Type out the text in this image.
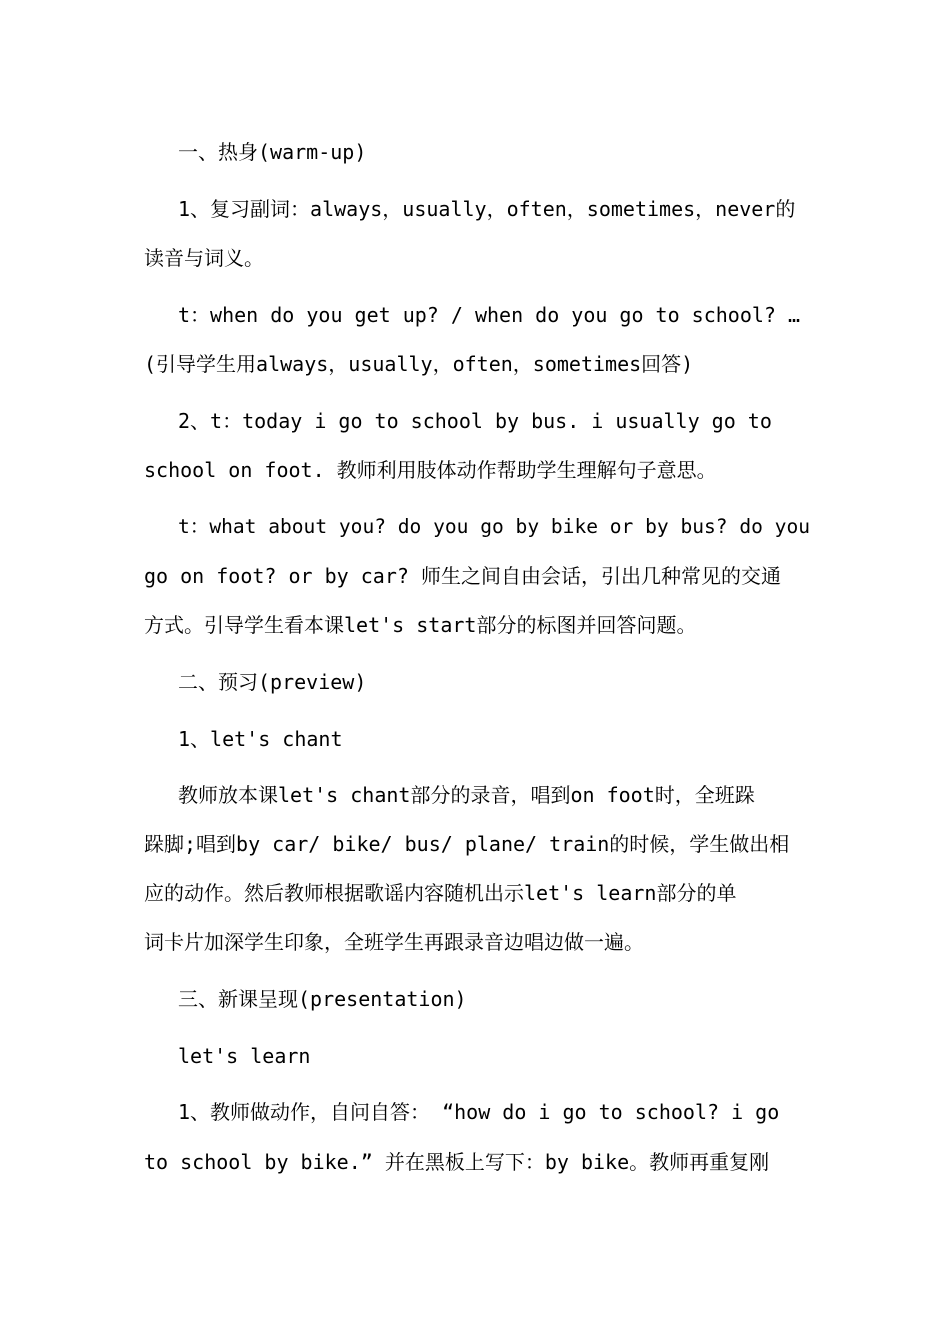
一、热身(warm-up)

1、复习副词：always，usually，often，sometimes，never的

读音与词义。

t：when do you get up? / when do you go to school? …

(引导学生用always，usually，often，sometimes回答)

2、t：today i go to school by bus. i usually go to

school on foot. 教师利用肢体动作帮助学生理解句子意思。

t：what about you? do you go by bike or by bus? do you

go on foot? or by car? 师生之间自由会话，引出几种常见的交通

方式。引导学生看本课let's start部分的标图并回答问题。

二、预习(preview)

1、let's chant

教师放本课let's chant部分的录音，唱到on foot时，全班跺

跺脚;唱到by car/ bike/ bus/ plane/ train的时候，学生做出相

应的动作。然后教师根据歌谣内容随机出示let's learn部分的单

词卡片加深学生印象，全班学生再跟录音边唱边做一遍。

三、新课呈现(presentation)

let's learn

1、教师做动作，自问自答： “how do i go to school? i go

to school by bike.” 并在黑板上写下：by bike。教师再重复刚
